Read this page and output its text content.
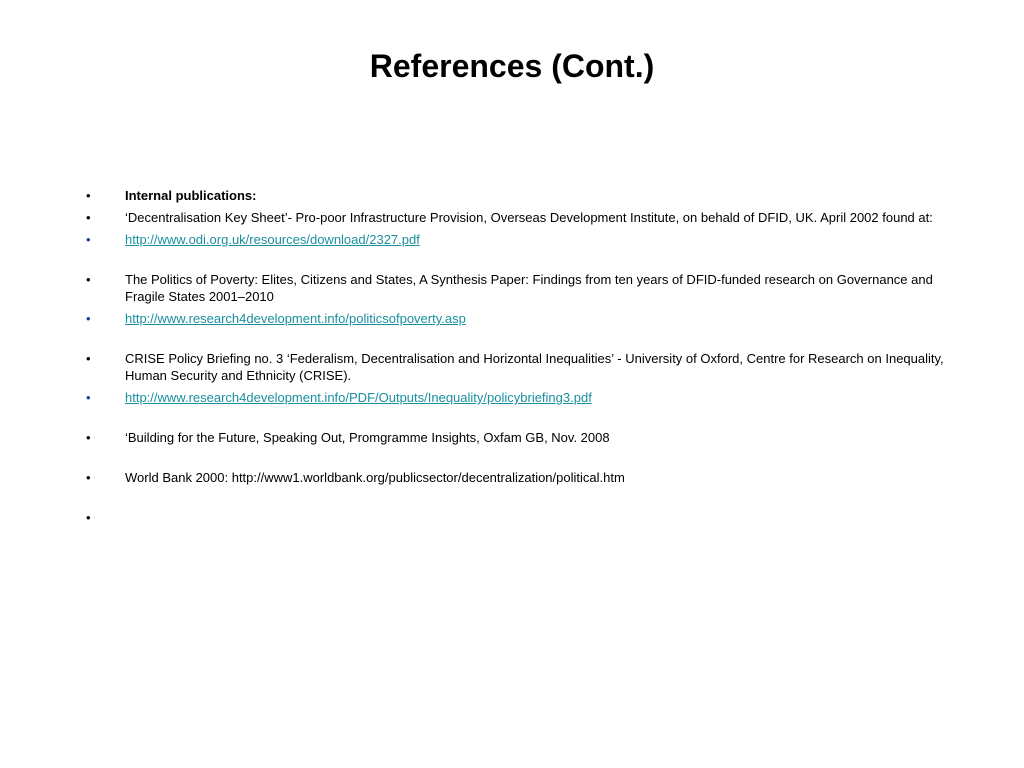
References (Cont.)
•	Internal publications:
•	‘Decentralisation Key Sheet’- Pro-poor Infrastructure Provision, Overseas Development Institute, on behald of DFID, UK. April 2002 found at:
•	http://www.odi.org.uk/resources/download/2327.pdf
•	The Politics of Poverty: Elites, Citizens and States, A Synthesis Paper: Findings from ten years of DFID-funded research on Governance and Fragile States 2001–2010
•	http://www.research4development.info/politicsofpoverty.asp
•	CRISE Policy Briefing no. 3 ‘Federalism, Decentralisation and Horizontal Inequalities’ - University of Oxford, Centre for Research on Inequality, Human Security and Ethnicity (CRISE).
•	http://www.research4development.info/PDF/Outputs/Inequality/policybriefing3.pdf
•	‘Building for the Future, Speaking Out, Promgramme Insights, Oxfam GB, Nov. 2008
•	World Bank 2000: http://www1.worldbank.org/publicsector/decentralization/political.htm
•
